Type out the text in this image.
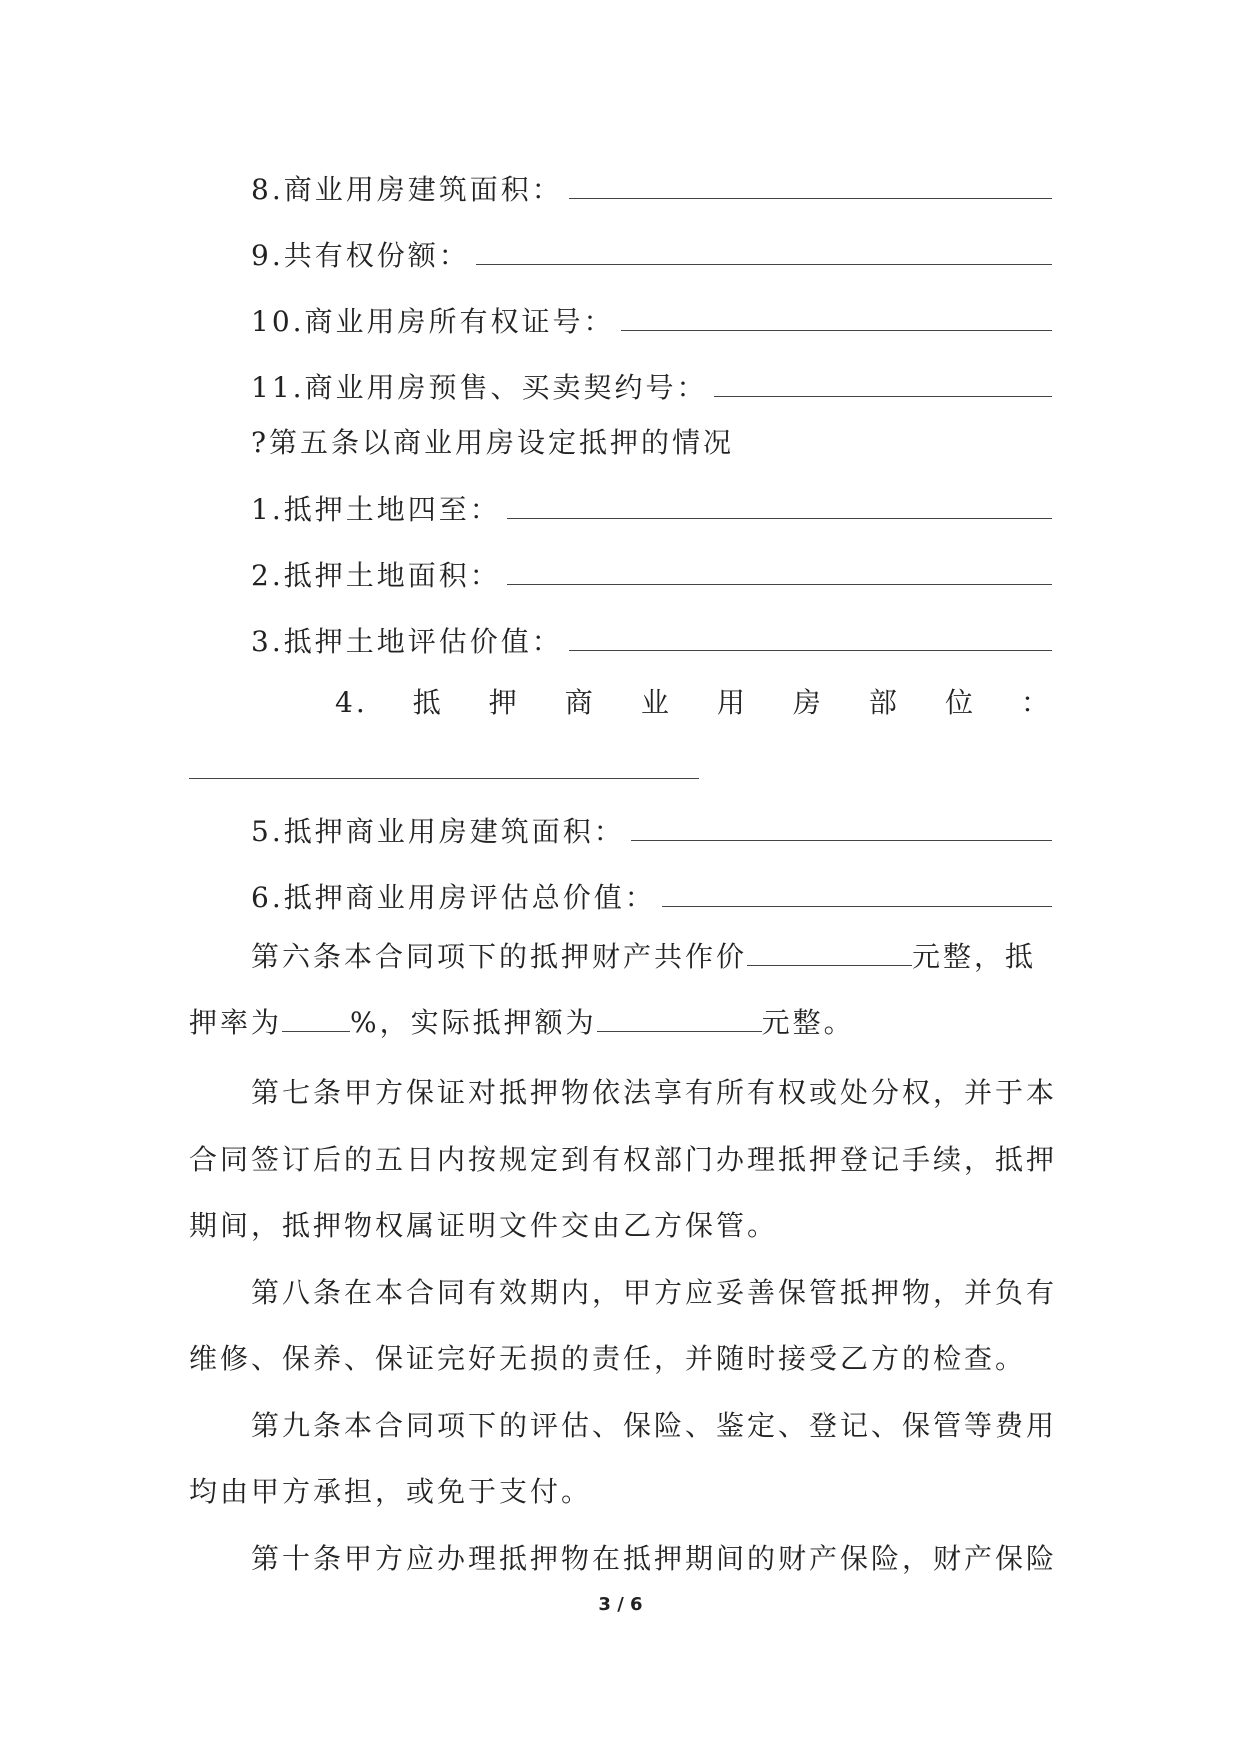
8.商业用房建筑面积：
9.共有权份额：
10.商业用房所有权证号：
11.商业用房预售、买卖契约号：
?第五条以商业用房设定抵押的情况
1.抵押土地四至：
2.抵押土地面积：
3.抵押土地评估价值：
4. 抵 押 商 业 用 房 部 位 ：
5.抵押商业用房建筑面积：
6.抵押商业用房评估总价值：
第六条本合同项下的抵押财产共作价	元整，抵
押率为 %，实际抵押额为	元整。
第七条甲方保证对抵押物依法享有所有权或处分权，并于本
合同签订后的五日内按规定到有权部门办理抵押登记手续，抵押
期间，抵押物权属证明文件交由乙方保管。
第八条在本合同有效期内，甲方应妥善保管抵押物，并负有
维修、保养、保证完好无损的责任，并随时接受乙方的检查。
第九条本合同项下的评估、保险、鉴定、登记、保管等费用
均由甲方承担，或免于支付。
第十条甲方应办理抵押物在抵押期间的财产保险，财产保险
3 / 6
